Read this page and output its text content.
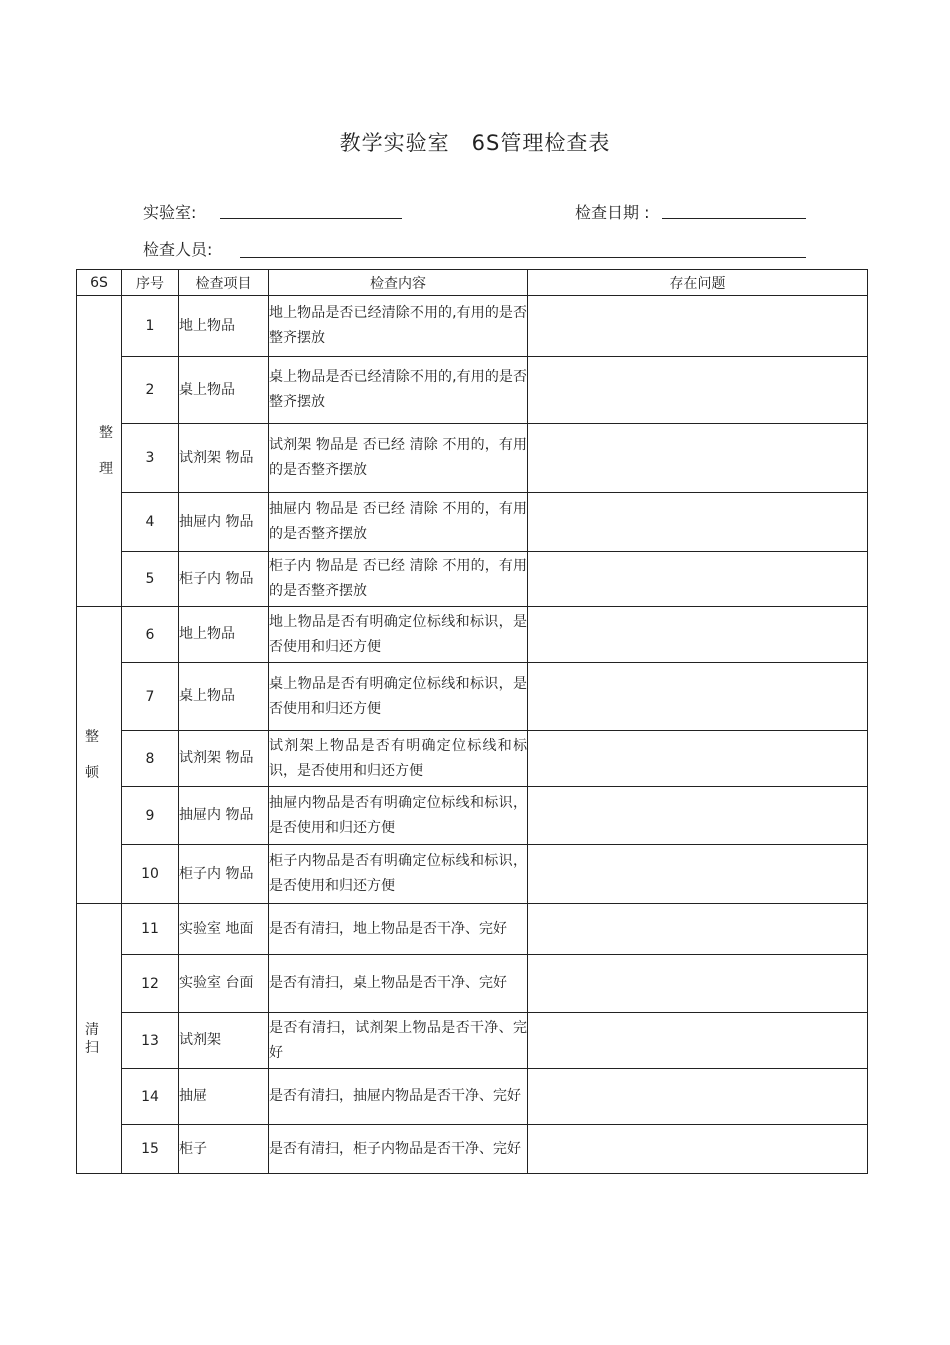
教学实验室　6S管理检查表
实验室:	检查日期 :
检查人员:
6S	序号	检查项目	检查内容	存在问题
整
理	1	地上物品	地上物品是否已经清除不用的,有用的是否整齐摆放	
	2	桌上物品	桌上物品是否已经清除不用的,有用的是否整齐摆放	
	3	试剂架 物品	试剂架 物品是 否已经 清除 不用的，有用的是否整齐摆放	
	4	抽屉内 物品	抽屉内 物品是 否已经 清除 不用的，有用的是否整齐摆放	
	5	柜子内 物品	柜子内 物品是 否已经 清除 不用的，有用的是否整齐摆放	
整
顿	6	地上物品	地上物品是否有明确定位标线和标识，是否使用和归还方便	
	7	桌上物品	桌上物品是否有明确定位标线和标识，是否使用和归还方便	
	8	试剂架 物品	试剂架上物品是否有明确定位标线和标识，是否使用和归还方便	
	9	抽屉内 物品	抽屉内物品是否有明确定位标线和标识，是否使用和归还方便	
	10	柜子内 物品	柜子内物品是否有明确定位标线和标识，是否使用和归还方便	
清
扫	11	实验室 地面	是否有清扫，地上物品是否干净、完好	
	12	实验室 台面	是否有清扫，桌上物品是否干净、完好	
	13	试剂架	是否有清扫，试剂架上物品是否干净、完好	
	14	抽屉	是否有清扫，抽屉内物品是否干净、完好	
	15	柜子	是否有清扫，柜子内物品是否干净、完好	
